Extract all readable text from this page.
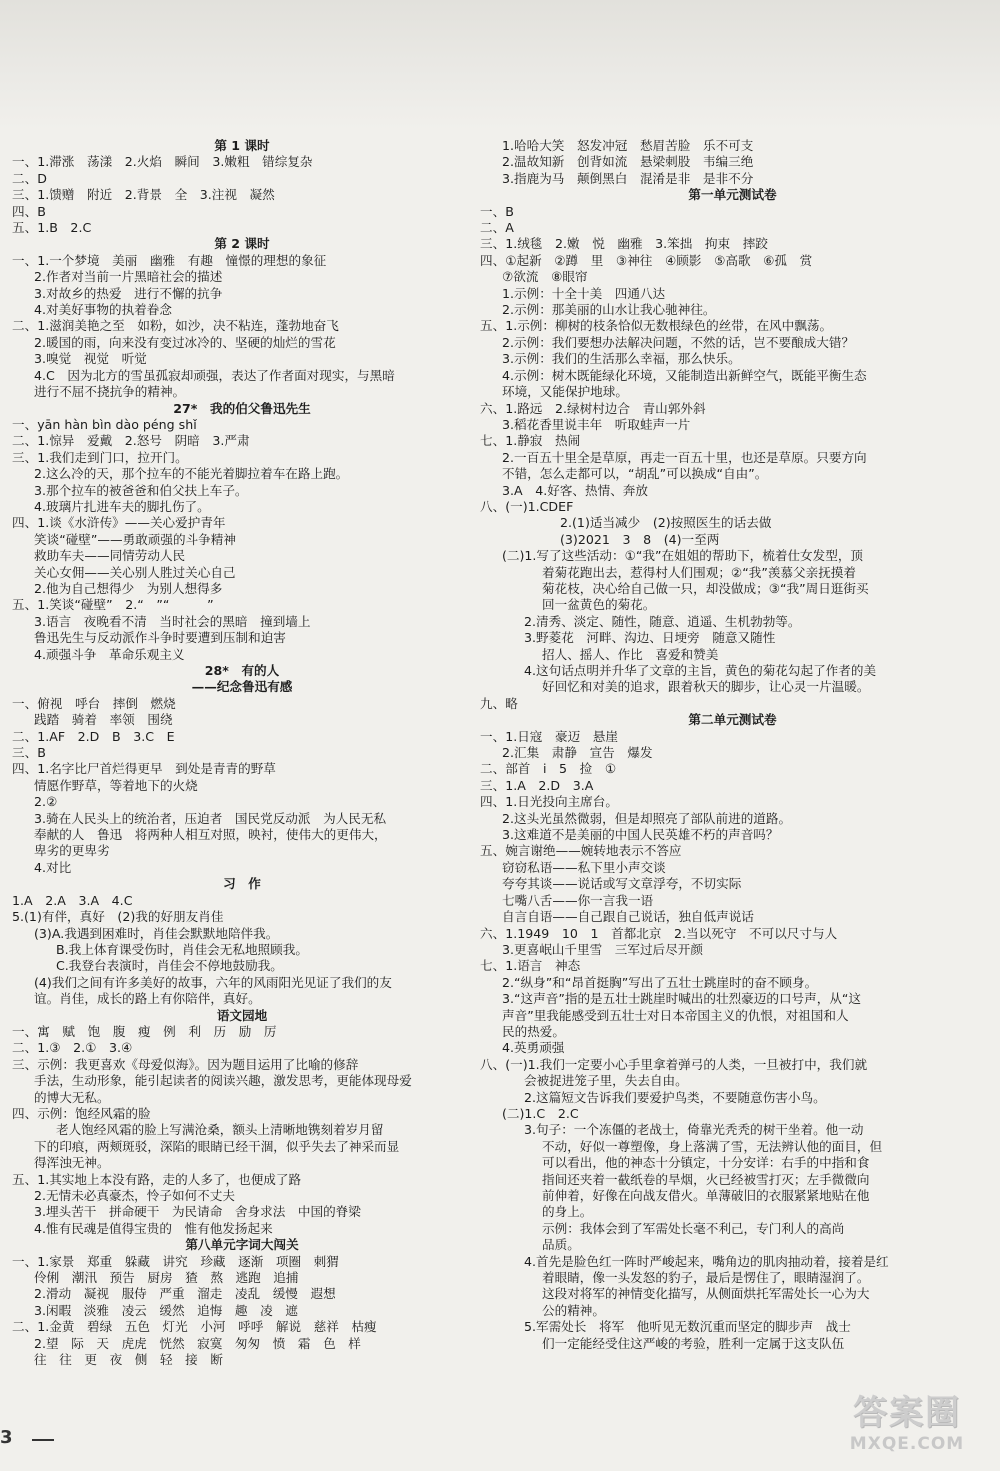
第 1 课时
一、1.滞涨　荡漾　2.火焰　瞬间　3.嫩粗　错综复杂
二、D
三、1.馈赠　附近　2.背景　全　3.注视　凝然
四、B
五、1.B　2.C
第 2 课时
一、1.一个梦境　美丽　幽雅　有趣　憧憬的理想的象征
2.作者对当前一片黑暗社会的描述
3.对故乡的热爱　进行不懈的抗争
4.对美好事物的执着眷念
二、1.滋润美艳之至　如粉，如沙，决不粘连，蓬勃地奋飞
2.暖国的雨，向来没有变过冰冷的、坚硬的灿烂的雪花
3.嗅觉　视觉　听觉
4.C　因为北方的雪虽孤寂却顽强，表达了作者面对现实，与黑暗
进行不屈不挠抗争的精神。
27*　我的伯父鲁迅先生
一、yān hàn bìn dào péng shǐ
二、1.惊异　爱戴　2.怒号　阴暗　3.严肃
三、1.我们走到门口，拉开门。
2.这么冷的天，那个拉车的不能光着脚拉着车在路上跑。
3.那个拉车的被爸爸和伯父扶上车子。
4.玻璃片扎进车夫的脚扎伤了。
四、1.谈《水浒传》——关心爱护青年
笑谈“碰壁”——勇敢顽强的斗争精神
救助车夫——同情劳动人民
关心女佣——关心别人胜过关心自己
2.他为自己想得少　为别人想得多
五、1.笑谈“碰壁”　2.“　”“　　　”
3.语言　夜晚看不清　当时社会的黑暗　撞到墙上
鲁迅先生与反动派作斗争时要遭到压制和迫害
4.顽强斗争　革命乐观主义
28*　有的人
——纪念鲁迅有感
一、俯视　呼台　摔倒　燃烧
践踏　骑着　率领　围绕
二、1.AF　2.D　B　3.C　E
三、B
四、1.名字比尸首烂得更早　到处是青青的野草
情愿作野草，等着地下的火烧
2.②
3.骑在人民头上的统治者，压迫者　国民党反动派　为人民无私
奉献的人　鲁迅　将两种人相互对照，映衬，使伟大的更伟大，
卑劣的更卑劣
4.对比
习　作
1.A　2.A　3.A　4.C
5.(1)有伴，真好　(2)我的好朋友肖佳
(3)A.我遇到困难时，肖佳会默默地陪伴我。
B.我上体育课受伤时，肖佳会无私地照顾我。
C.我登台表演时，肖佳会不停地鼓励我。
(4)我们之间有许多美好的故事，六年的风雨阳光见证了我们的友
谊。肖佳，成长的路上有你陪伴，真好。
语文园地
一、寓　赋　饱　腹　瘦　例　利　历　励　厉
二、1.③　2.①　3.④
三、示例：我更喜欢《母爱似海》。因为题目运用了比喻的修辞
手法，生动形象，能引起读者的阅读兴趣，激发思考，更能体现母爱
的博大无私。
四、示例：饱经风霜的脸
老人饱经风霜的脸上写满沧桑，额头上清晰地镌刻着岁月留
下的印痕，两颊斑驳，深陷的眼睛已经干涸，似乎失去了神采而显
得浑浊无神。
五、1.其实地上本没有路，走的人多了，也便成了路
2.无情未必真豪杰，怜子如何不丈夫
3.埋头苦干　拼命硬干　为民请命　舍身求法　中国的脊梁
4.惟有民魂是值得宝贵的　惟有他发扬起来
第八单元字词大闯关
一、1.家景　郑重　躲藏　讲究　珍藏　逐渐　项圈　刺猬
伶俐　潮汛　预告　厨房　猹　熬　逃跑　追捕
2.滑动　凝视　服侍　严重　溜走　凌乱　缓慢　遐想
3.闲暇　淡雅　凌云　缓然　追悔　趣　凌　遮
二、1.金黄　碧绿　五色　灯光　小河　呼呼　解说　慈祥　枯瘦
2.望　际　天　虎虎　恍然　寂寞　匆匆　愤　霜　色　样
往　往　更　夜　侧　轻　接　断
1.哈哈大笑　怒发冲冠　愁眉苦脸　乐不可支
2.温故知新　创背如流　悬梁刺股　韦编三绝
3.指鹿为马　颠倒黑白　混淆是非　是非不分
第一单元测试卷
一、B
二、A
三、1.绒毯　2.嫩　悦　幽雅　3.笨拙　拘束　摔跤
四、①起新　②蹲　里　③神往　④顾影　⑤高歌　⑥孤　赏
⑦欲流　⑧眼帘
1.示例：十全十美　四通八达
2.示例：那美丽的山水让我心驰神往。
五、1.示例：柳树的枝条恰似无数根绿色的丝带，在风中飘荡。
2.示例：我们要想办法解决问题，不然的话，岂不要酿成大错？
3.示例：我们的生活那么幸福，那么快乐。
4.示例：树木既能绿化环境，又能制造出新鲜空气，既能平衡生态
环境，又能保护地球。
六、1.路远　2.绿树村边合　青山郭外斜
3.稻花香里说丰年　听取蛙声一片
七、1.静寂　热闹
2.一百五十里全是草原，再走一百五十里，也还是草原。只要方向
不错，怎么走都可以，“胡乱”可以换成“自由”。
3.A　4.好客、热情、奔放
八、(一)1.CDEF
2.(1)适当减少　(2)按照医生的话去做
(3)2021　3　8　(4)一至两
(二)1.写了这些活动：①“我”在姐姐的帮助下，梳着仕女发型，顶
着菊花跑出去，惹得村人们围观；②“我”羡慕父亲抚摸着
菊花枝，决心给自己做一只，却没做成；③“我”周日逛街买
回一盆黄色的菊花。
2.清秀、淡定、随性，随意、逍遥、生机勃勃等。
3.野菱花　河畔、沟边、日埂旁　随意又随性
招人、摇人、作比　喜爱和赞美
4.这句话点明并升华了文章的主旨，黄色的菊花勾起了作者的美
好回忆和对美的追求，跟着秋天的脚步，让心灵一片温暖。
九、略
第二单元测试卷
一、1.日寇　豪迈　悬崖
2.汇集　肃静　宣告　爆发
二、部首　i　5　捡　①
三、1.A　2.D　3.A
四、1.日光投向主席台。
2.这头光虽然微弱，但是却照亮了部队前进的道路。
3.这难道不是美丽的中国人民英雄不朽的声音吗？
五、婉言谢绝——婉转地表示不答应
窃窃私语——私下里小声交谈
夸夸其谈——说话或写文章浮夸，不切实际
七嘴八舌——你一言我一语
自言自语——自己跟自己说话，独自低声说话
六、1.1949　10　1　首都北京　2.当以死守　不可以尺寸与人
3.更喜岷山千里雪　三军过后尽开颜
七、1.语言　神态
2.“纵身”和“昂首挺胸”写出了五壮士跳崖时的奋不顾身。
3.“这声音”指的是五壮士跳崖时喊出的壮烈豪迈的口号声，从“这
声音”里我能感受到五壮士对日本帝国主义的仇恨，对祖国和人
民的热爱。
4.英勇顽强
八、(一)1.我们一定要小心手里拿着弹弓的人类，一旦被打中，我们就
会被捉进笼子里，失去自由。
2.这篇短文告诉我们要爱护鸟类，不要随意伤害小鸟。
(二)1.C　2.C
3.句子：一个冻僵的老战士，倚靠光秃秃的树干坐着。他一动
不动，好似一尊塑像，身上落满了雪，无法辨认他的面目，但
可以看出，他的神态十分镇定，十分安详：右手的中指和食
指间还夹着一截纸卷的旱烟，火已经被雪打灭；左手微微向
前伸着，好像在向战友借火。单薄破旧的衣服紧紧地贴在他
的身上。
示例：我体会到了军需处长毫不利己，专门利人的高尚
品质。
4.首先是脸色红一阵时严峻起来，嘴角边的肌肉抽动着，接着是红
着眼睛，像一头发怒的豹子，最后是愣住了，眼睛湿润了。
这段对将军的神情变化描写，从侧面烘托军需处长一心为大
公的精神。
5.军需处长　将军　他听见无数沉重而坚定的脚步声　战士
们一定能经受住这严峻的考验，胜利一定属于这支队伍
3
答案圈
MXQE.COM
